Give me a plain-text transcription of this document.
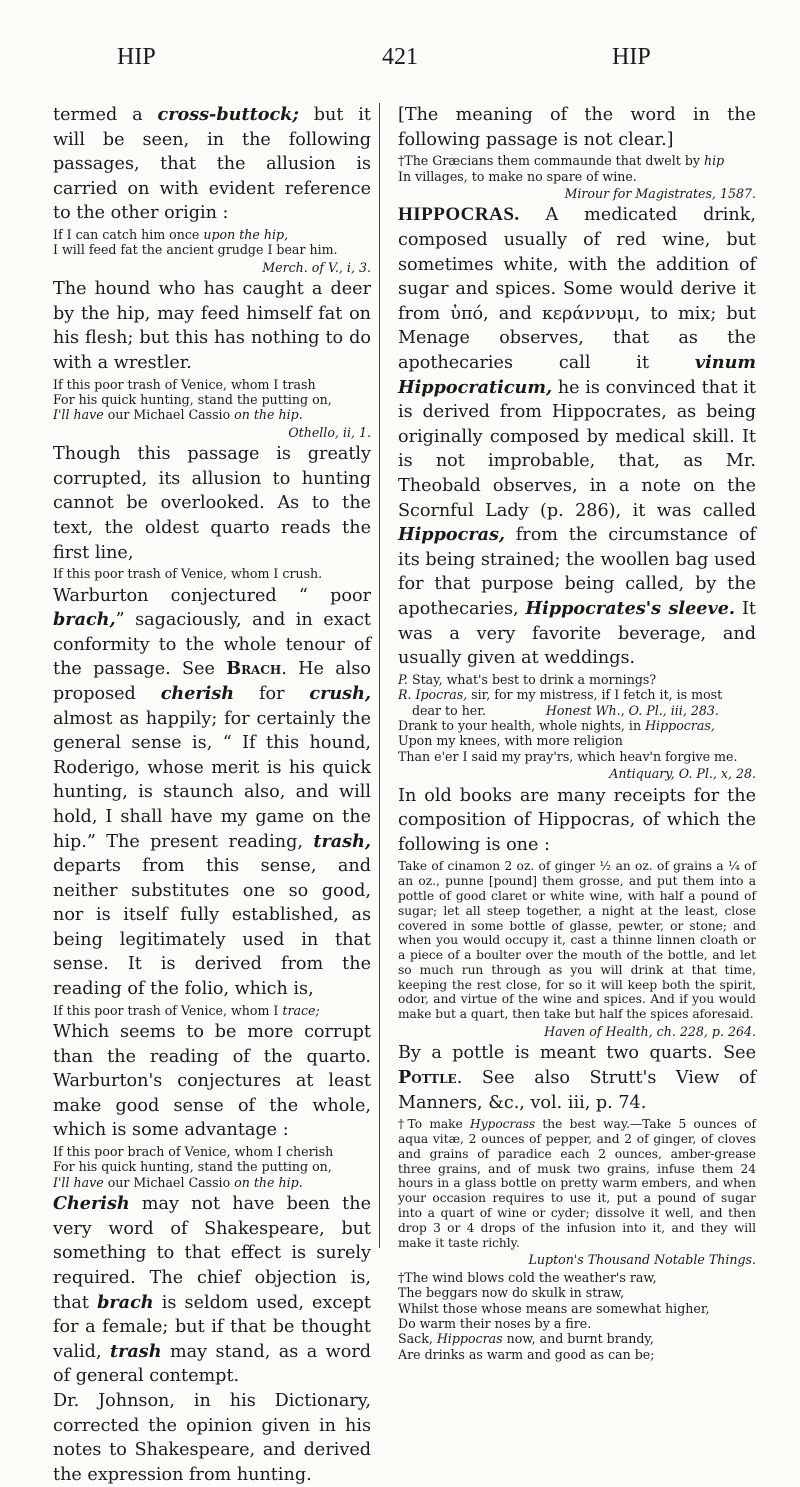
HIP	421	HIP

termed a cross-buttock; but it will be seen, in the following passages, that the allusion is carried on with evident reference to the other origin :

If I can catch him once upon the hip,
I will feed fat the ancient grudge I bear him.
Merch. of V., i, 3.

The hound who has caught a deer by the hip, may feed himself fat on his flesh; but this has nothing to do with a wrestler.

If this poor trash of Venice, whom I trash
For his quick hunting, stand the putting on,
I'll have our Michael Cassio on the hip.
Othello, ii, 1.

Though this passage is greatly corrupted, its allusion to hunting cannot be overlooked. As to the text, the oldest quarto reads the first line,

If this poor trash of Venice, whom I crush.

Warburton conjectured “ poor brach,” sagaciously, and in exact conformity to the whole tenour of the passage. See Brach. He also proposed cherish for crush, almost as happily; for certainly the general sense is, “ If this hound, Roderigo, whose merit is his quick hunting, is staunch also, and will hold, I shall have my game on the hip.” The present reading, trash, departs from this sense, and neither substitutes one so good, nor is itself fully established, as being legitimately used in that sense. It is derived from the reading of the folio, which is,

If this poor trash of Venice, whom I trace;

Which seems to be more corrupt than the reading of the quarto. Warburton's conjectures at least make good sense of the whole, which is some advantage :

If this poor brach of Venice, whom I cherish
For his quick hunting, stand the putting on,
I'll have our Michael Cassio on the hip.

Cherish may not have been the very word of Shakespeare, but something to that effect is surely required. The chief objection is, that brach is seldom used, except for a female; but if that be thought valid, trash may stand, as a word of general contempt.

Dr. Johnson, in his Dictionary, corrected the opinion given in his notes to Shakespeare, and derived the expression from hunting.

[The meaning of the word in the following passage is not clear.]

†The Græcians them commaunde that dwelt by hip
In villages, to make no spare of wine.
Mirour for Magistrates, 1587.

HIPPOCRAS. A medicated drink, composed usually of red wine, but sometimes white, with the addition of sugar and spices. Some would derive it from ὑπό, and κεράννυμι, to mix; but Menage observes, that as the apothecaries call it vinum Hippocraticum, he is convinced that it is derived from Hippocrates, as being originally composed by medical skill. It is not improbable, that, as Mr. Theobald observes, in a note on the Scornful Lady (p. 286), it was called Hippocras, from the circumstance of its being strained; the woollen bag used for that purpose being called, by the apothecaries, Hippocrates's sleeve. It was a very favorite beverage, and usually given at weddings.

P. Stay, what's best to drink a mornings?
R. Ipocras, sir, for my mistress, if I fetch it, is most
dear to her.	Honest Wh., O. Pl., iii, 283.
Drank to your health, whole nights, in Hippocras,
Upon my knees, with more religion
Than e'er I said my pray'rs, which heav'n forgive me.
Antiquary, O. Pl., x, 28.

In old books are many receipts for the composition of Hippocras, of which the following is one :

Take of cinamon 2 oz. of ginger ½ an oz. of grains a ¼ of an oz., punne [pound] them grosse, and put them into a pottle of good claret or white wine, with half a pound of sugar; let all steep together, a night at the least, close covered in some bottle of glasse, pewter, or stone; and when you would occupy it, cast a thinne linnen cloath or a piece of a boulter over the mouth of the bottle, and let so much run through as you will drink at that time, keeping the rest close, for so it will keep both the spirit, odor, and virtue of the wine and spices. And if you would make but a quart, then take but half the spices aforesaid.

Haven of Health, ch. 228, p. 264.

By a pottle is meant two quarts. See Pottle. See also Strutt's View of Manners, &c., vol. iii, p. 74.

†To make Hypocrass the best way.—Take 5 ounces of aqua vitæ, 2 ounces of pepper, and 2 of ginger, of cloves and grains of paradice each 2 ounces, amber-grease three grains, and of musk two grains, infuse them 24 hours in a glass bottle on pretty warm embers, and when your occasion requires to use it, put a pound of sugar into a quart of wine or cyder; dissolve it well, and then drop 3 or 4 drops of the infusion into it, and they will make it taste richly.

Lupton's Thousand Notable Things.
†The wind blows cold the weather's raw,
The beggars now do skulk in straw,
Whilst those whose means are somewhat higher,
Do warm their noses by a fire.
Sack, Hippocras now, and burnt brandy,
Are drinks as warm and good as can be;
